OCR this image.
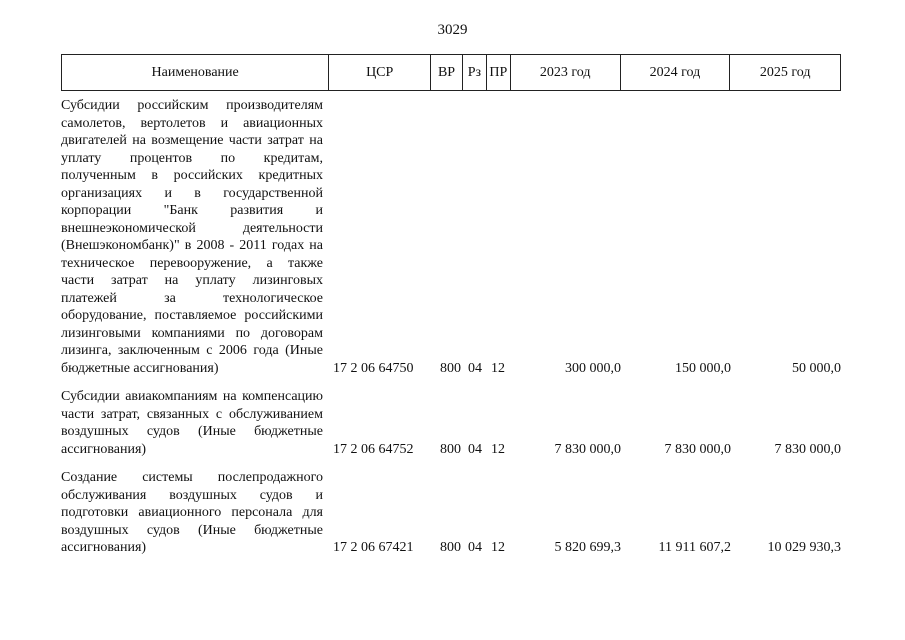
3029
Наименование	ЦСР	ВР Рз ПР	2023 год	2024 год	2025 год
Субсидии российским производителям самолетов, вертолетов и авиационных двигателей на возмещение части затрат на уплату процентов по кредитам, полученным в российских кредитных организациях и в государственной корпорации "Банк развития и внешнеэкономической деятельности (Внешэкономбанк)" в 2008 - 2011 годах на техническое перевооружение, а также части затрат на уплату лизинговых платежей за технологическое оборудование, поставляемое российскими лизинговыми компаниями по договорам лизинга, заключенным с 2006 года (Иные бюджетные ассигнования)	17 2 06 64750	800 04 12	300 000,0	150 000,0	50 000,0
Субсидии авиакомпаниям на компенсацию части затрат, связанных с обслуживанием воздушных судов (Иные бюджетные ассигнования)	17 2 06 64752	800 04 12	7 830 000,0	7 830 000,0	7 830 000,0
Создание системы послепродажного обслуживания воздушных судов и подготовки авиационного персонала для воздушных судов (Иные бюджетные ассигнования)	17 2 06 67421	800 04 12	5 820 699,3	11 911 607,2	10 029 930,3
